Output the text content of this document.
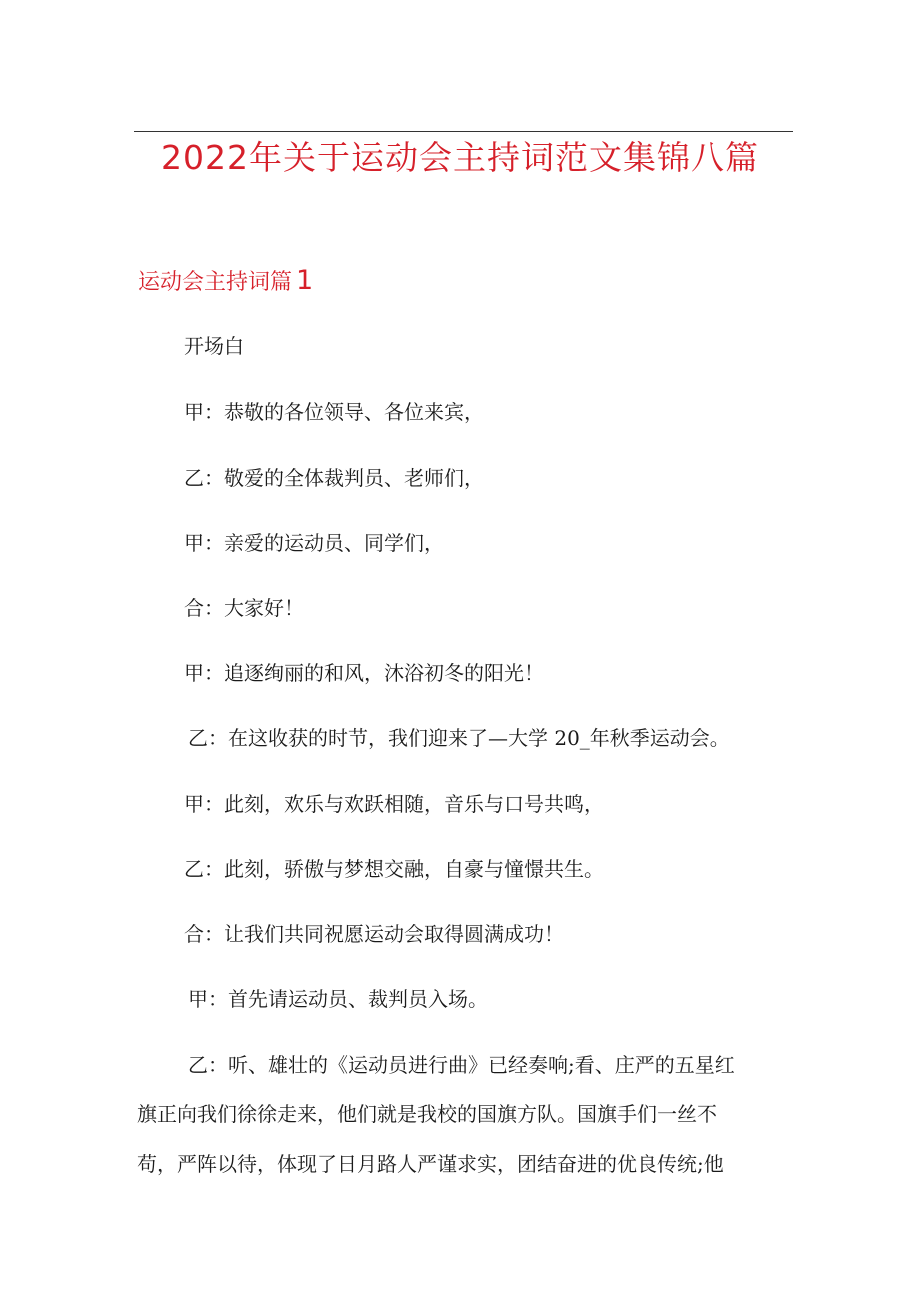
2022年关于运动会主持词范文集锦八篇
运动会主持词篇 1
开场白
甲：恭敬的各位领导、各位来宾，
乙：敬爱的全体裁判员、老师们，
甲：亲爱的运动员、同学们，
合：大家好！
甲：追逐绚丽的和风，沐浴初冬的阳光！
乙：在这收获的时节，我们迎来了—大学 20_年秋季运动会。
甲：此刻，欢乐与欢跃相随，音乐与口号共鸣，
乙：此刻，骄傲与梦想交融，自豪与憧憬共生。
合：让我们共同祝愿运动会取得圆满成功！
甲：首先请运动员、裁判员入场。
乙：听、雄壮的《运动员进行曲》已经奏响;看、庄严的五星红
旗正向我们徐徐走来，他们就是我校的国旗方队。国旗手们一丝不
苟，严阵以待，体现了日月路人严谨求实，团结奋进的优良传统;他
